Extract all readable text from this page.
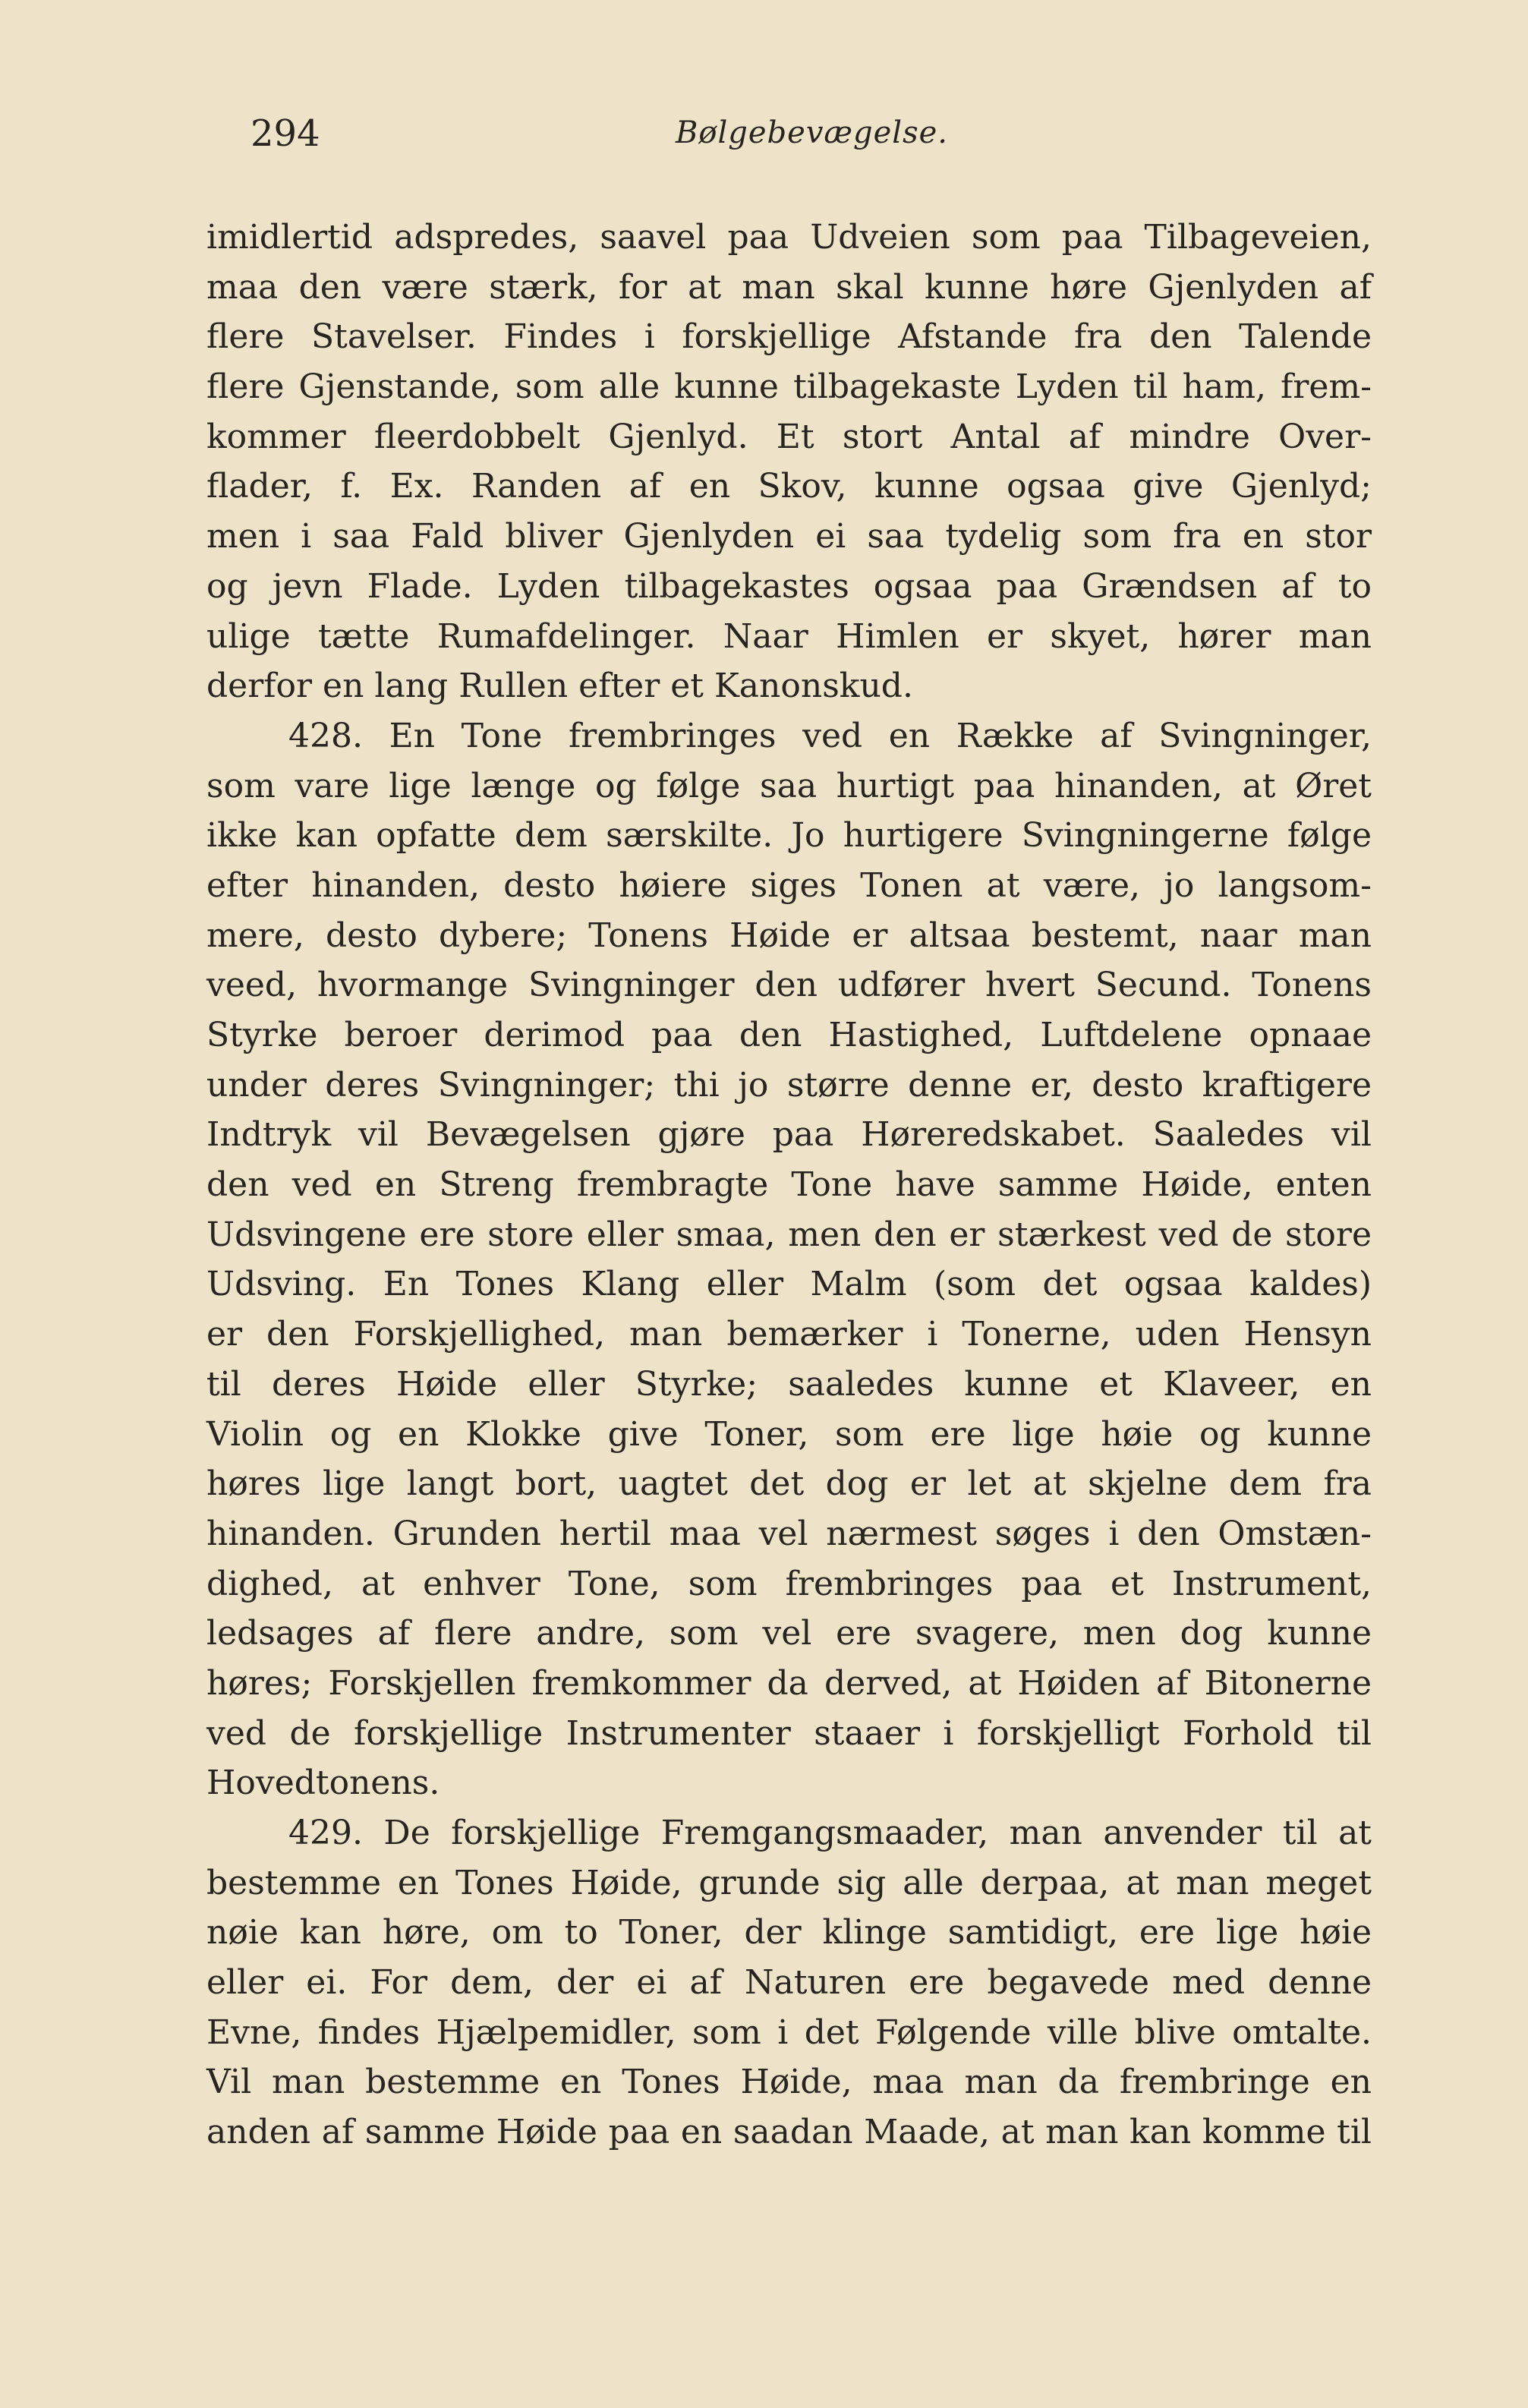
294	Bølgebevægelse.
imidlertid adspredes, saavel paa Udveien som paa Tilbageveien,
maa den være stærk, for at man skal kunne høre Gjenlyden af
flere Stavelser. Findes i forskjellige Afstande fra den Talende
flere Gjenstande, som alle kunne tilbagekaste Lyden til ham, frem-
kommer fleerdobbelt Gjenlyd. Et stort Antal af mindre Over-
flader, f. Ex. Randen af en Skov, kunne ogsaa give Gjenlyd;
men i saa Fald bliver Gjenlyden ei saa tydelig som fra en stor
og jevn Flade. Lyden tilbagekastes ogsaa paa Grændsen af to
ulige tætte Rumafdelinger. Naar Himlen er skyet, hører man
derfor en lang Rullen efter et Kanonskud.
428. En Tone frembringes ved en Række af Svingninger,
som vare lige længe og følge saa hurtigt paa hinanden, at Øret
ikke kan opfatte dem særskilte. Jo hurtigere Svingningerne følge
efter hinanden, desto høiere siges Tonen at være, jo langsom-
mere, desto dybere; Tonens Høide er altsaa bestemt, naar man
veed, hvormange Svingninger den udfører hvert Secund. Tonens
Styrke beroer derimod paa den Hastighed, Luftdelene opnaae
under deres Svingninger; thi jo større denne er, desto kraftigere
Indtryk vil Bevægelsen gjøre paa Høreredskabet. Saaledes vil
den ved en Streng frembragte Tone have samme Høide, enten
Udsvingene ere store eller smaa, men den er stærkest ved de store
Udsving. En Tones Klang eller Malm (som det ogsaa kaldes)
er den Forskjellighed, man bemærker i Tonerne, uden Hensyn
til deres Høide eller Styrke; saaledes kunne et Klaveer, en
Violin og en Klokke give Toner, som ere lige høie og kunne
høres lige langt bort, uagtet det dog er let at skjelne dem fra
hinanden. Grunden hertil maa vel nærmest søges i den Omstæn-
dighed, at enhver Tone, som frembringes paa et Instrument,
ledsages af flere andre, som vel ere svagere, men dog kunne
høres; Forskjellen fremkommer da derved, at Høiden af Bitonerne
ved de forskjellige Instrumenter staaer i forskjelligt Forhold til
Hovedtonens.
429. De forskjellige Fremgangsmaader, man anvender til at
bestemme en Tones Høide, grunde sig alle derpaa, at man meget
nøie kan høre, om to Toner, der klinge samtidigt, ere lige høie
eller ei. For dem, der ei af Naturen ere begavede med denne
Evne, findes Hjælpemidler, som i det Følgende ville blive omtalte.
Vil man bestemme en Tones Høide, maa man da frembringe en
anden af samme Høide paa en saadan Maade, at man kan komme til
